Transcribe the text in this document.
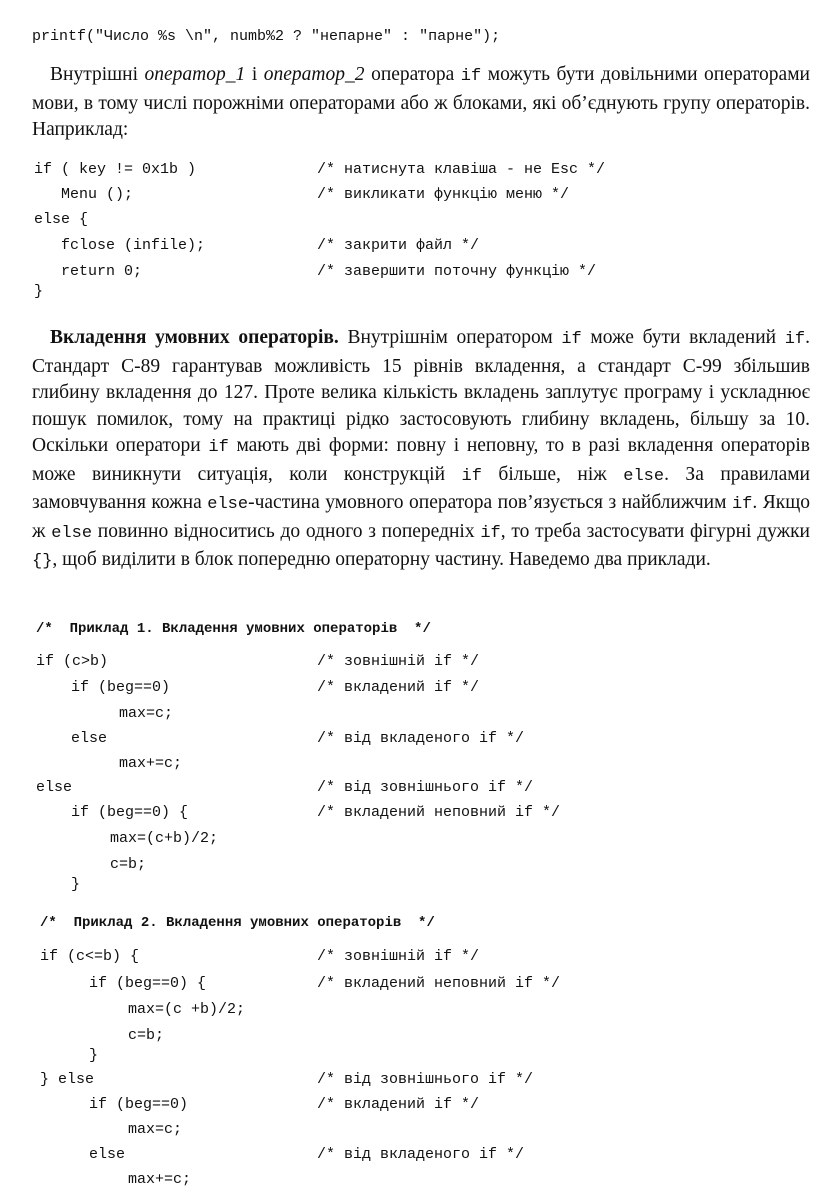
printf("Число %s \n", numb%2 ? "непарне" : "парне");

Внутрішні оператор_1 і оператор_2 оператора if можуть бути довільними операторами мови, в тому числі порожніми операторами або ж блоками, які об’єднують групу операторів. Наприклад:

if ( key != 0x1b )	/* натиснута клавіша - не Esc */
Menu ();	/* викликати функцію меню */
else {
fclose (infile);	/* закрити файл */
return 0;	/* завершити поточну функцію */
}

Вкладення умовних операторів. Внутрішнім оператором if може бути вкладений if. Стандарт С-89 гарантував можливість 15 рівнів вкладення, а стандарт С-99 збільшив глибину вкладення до 127. Проте велика кількість вкладень заплутує програму і ускладнює пошук помилок, тому на практиці рідко застосовують глибину вкладень, більшу за 10. Оскільки оператори if мають дві форми: повну і неповну, то в разі вкладення операторів може виникнути ситуація, коли конструкцій if більше, ніж else. За правилами замовчування кожна else-частина умовного оператора пов’язується з найближчим if. Якщо ж else повинно відноситись до одного з попередніх if, то треба застосувати фігурні дужки {}, щоб виділити в блок попередню операторну частину. Наведемо два приклади.

/*  Приклад 1. Вкладення умовних операторів  */
if (c>b)	/* зовнішній if */
if (beg==0)	/* вкладений if */
max=c;
else	/* від вкладеного if */
max+=c;
else	/* від зовнішнього if */
if (beg==0) {	/* вкладений неповний if */
max=(c+b)/2;
c=b;
}
/*  Приклад 2. Вкладення умовних операторів  */
if (c<=b) {	/* зовнішній if */
if (beg==0) {	/* вкладений неповний if */
max=(c +b)/2;
c=b;
}
} else	/* від зовнішнього if */
if (beg==0)	/* вкладений if */
max=c;
else	/* від вкладеного if */
max+=c;
